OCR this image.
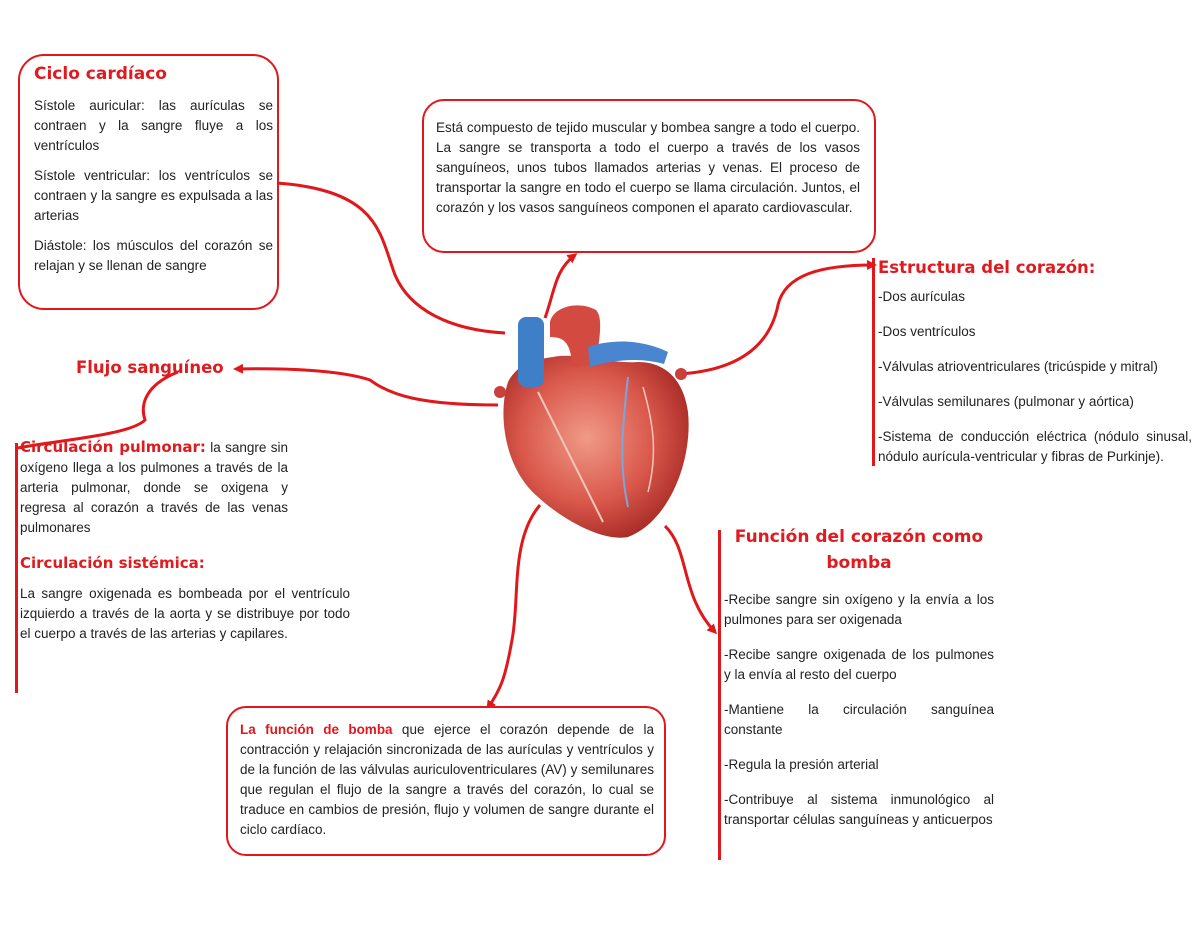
Ciclo cardíaco
Sístole auricular: las aurículas se contraen y la sangre fluye a los ventrículos
Sístole ventricular: los ventrículos se contraen y la sangre es expulsada a las arterias
Diástole: los músculos del corazón se relajan y se llenan de sangre
Está compuesto de tejido muscular y bombea sangre a todo el cuerpo. La sangre se transporta a todo el cuerpo a través de los vasos sanguíneos, unos tubos llamados arterias y venas. El proceso de transportar la sangre en todo el cuerpo se llama circulación. Juntos, el corazón y los vasos sanguíneos componen el aparato cardiovascular.
Estructura del corazón:
-Dos aurículas
-Dos ventrículos
-Válvulas atrioventriculares (tricúspide y mitral)
-Válvulas semilunares (pulmonar y aórtica)
-Sistema de conducción eléctrica (nódulo sinusal, nódulo aurícula-ventricular y fibras de Purkinje).
Flujo sanguíneo
Circulación pulmonar: la sangre sin oxígeno llega a los pulmones a través de la arteria pulmonar, donde se oxigena y regresa al corazón a través de las venas pulmonares
Circulación sistémica:
La sangre oxigenada es bombeada por el ventrículo izquierdo a través de la aorta y se distribuye por todo el cuerpo a través de las arterias y capilares.
Función del corazón como bomba
-Recibe sangre sin oxígeno y la envía a los pulmones para ser oxigenada
-Recibe sangre oxigenada de los pulmones y la envía al resto del cuerpo
-Mantiene la circulación sanguínea constante
-Regula la presión arterial
-Contribuye al sistema inmunológico al transportar células sanguíneas y anticuerpos
La función de bomba que ejerce el corazón depende de la contracción y relajación sincronizada de las aurículas y ventrículos y de la función de las válvulas auriculoventriculares (AV) y semilunares que regulan el flujo de la sangre a través del corazón, lo cual se traduce en cambios de presión, flujo y volumen de sangre durante el ciclo cardíaco.
